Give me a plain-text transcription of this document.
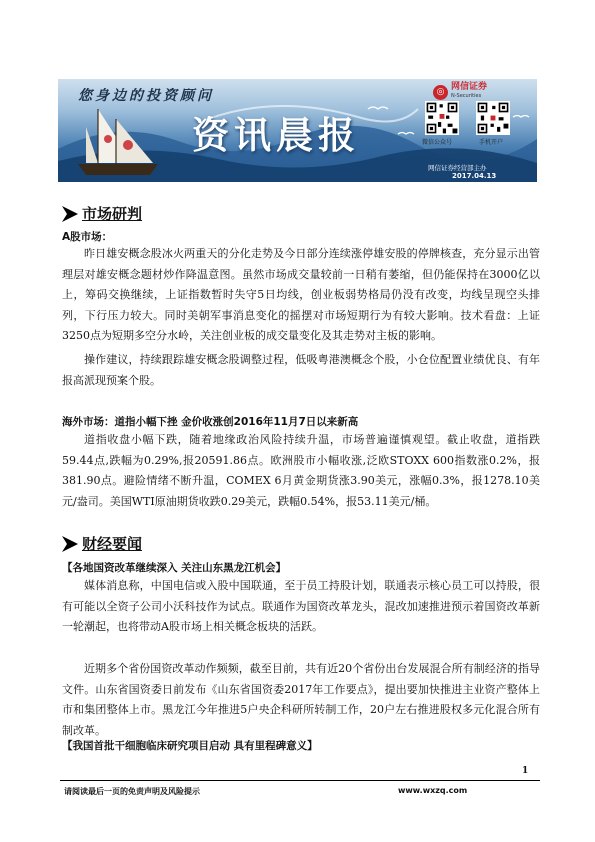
您身边的投资顾问
资讯晨报
◎ 网信证券
N-Securities
微信公众号	手机开户
网信证券经营部主办
2017.04.13
市场研判
A股市场：

昨日雄安概念股冰火两重天的分化走势及今日部分连续涨停雄安股的停牌核查，充分显示出管理层对雄安概念题材炒作降温意图。虽然市场成交量较前一日稍有萎缩，但仍能保持在3000亿以上，筹码交换继续，上证指数暂时失守5日均线，创业板弱势格局仍没有改变，均线呈现空头排列，下行压力较大。同时美朝军事消息变化的摇摆对市场短期行为有较大影响。技术看盘：上证3250点为短期多空分水岭，关注创业板的成交量变化及其走势对主板的影响。

操作建议，持续跟踪雄安概念股调整过程，低吸粤港澳概念个股，小仓位配置业绩优良、有年报高派现预案个股。

海外市场：道指小幅下挫 金价收涨创2016年11月7日以来新高

道指收盘小幅下跌，随着地缘政治风险持续升温，市场普遍谨慎观望。截止收盘，道指跌59.44点,跌幅为0.29%,报20591.86点。欧洲股市小幅收涨,泛欧STOXX 600指数涨0.2%，报381.90点。避险情绪不断升温，COMEX 6月黄金期货涨3.90美元，涨幅0.3%，报1278.10美元/盎司。美国WTI原油期货收跌0.29美元，跌幅0.54%，报53.11美元/桶。

财经要闻
【各地国资改革继续深入 关注山东黑龙江机会】

媒体消息称，中国电信或入股中国联通，至于员工持股计划，联通表示核心员工可以持股，很有可能以全资子公司小沃科技作为试点。联通作为国资改革龙头，混改加速推进预示着国资改革新一轮潮起，也将带动A股市场上相关概念板块的活跃。

近期多个省份国资改革动作频频，截至目前，共有近20个省份出台发展混合所有制经济的指导文件。山东省国资委日前发布《山东省国资委2017年工作要点》，提出要加快推进主业资产整体上市和集团整体上市。黑龙江今年推进5户央企科研所转制工作，20户左右推进股权多元化混合所有制改革。

【我国首批干细胞临床研究项目启动 具有里程碑意义】
1
请阅读最后一页的免责声明及风险提示	www.wxzq.com
